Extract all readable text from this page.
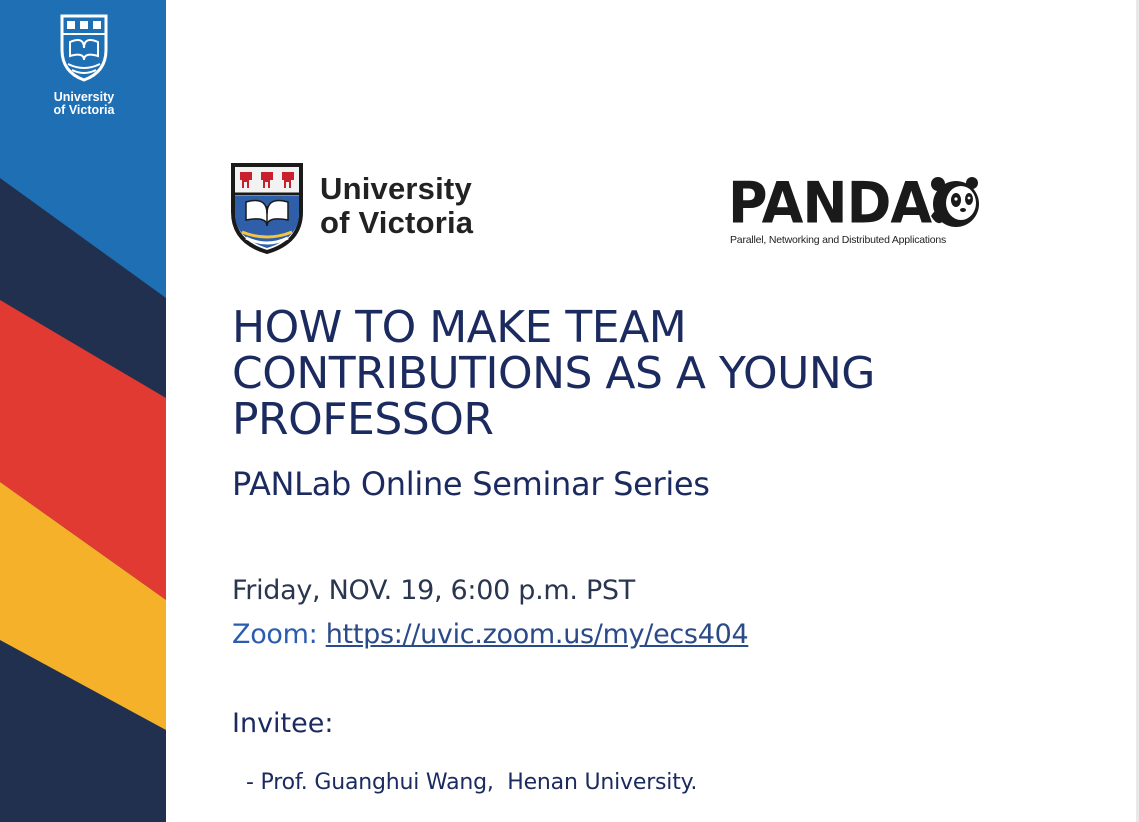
University
of Victoria
University
of Victoria	PANDA
Parallel, Networking and Distributed Applications
HOW TO MAKE TEAM
CONTRIBUTIONS AS A YOUNG
PROFESSOR
PANLab Online Seminar Series
Friday, NOV. 19, 6:00 p.m. PST
Zoom: https://uvic.zoom.us/my/ecs404
Invitee:
- Prof. Guanghui Wang,  Henan University.
